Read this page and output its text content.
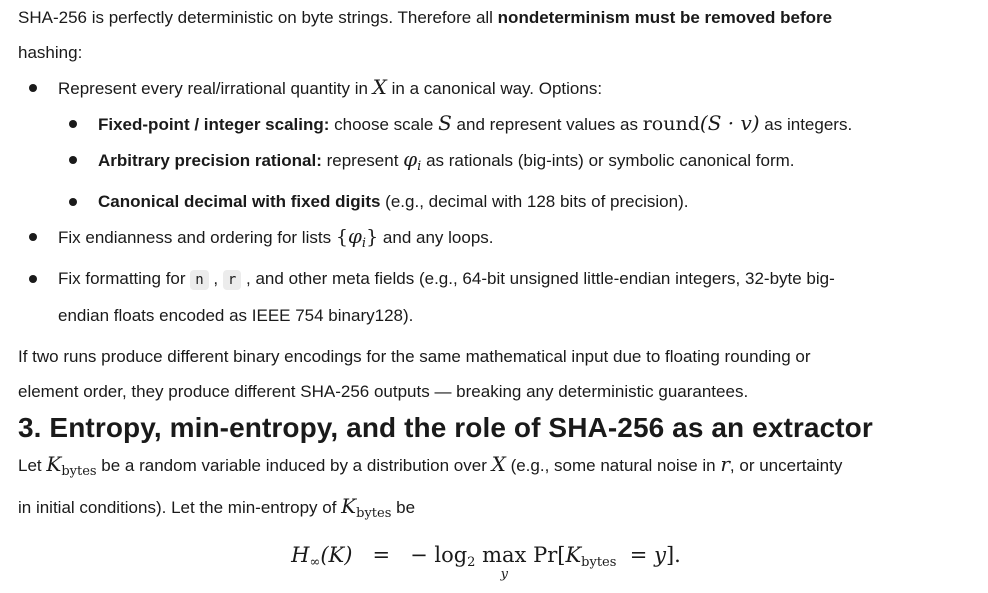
SHA-256 is perfectly deterministic on byte strings. Therefore all nondeterminism must be removed before
hashing:
Represent every real/irrational quantity in X in a canonical way. Options:
Fixed-point / integer scaling: choose scale S and represent values as round(S · v) as integers.
Arbitrary precision rational: represent $\varphi_i$ as rationals (big-ints) or symbolic canonical form.
Canonical decimal with fixed digits (e.g., decimal with 128 bits of precision).
Fix endianness and ordering for lists $\{\varphi_i\}$ and any loops.
Fix formatting for n , r , and other meta fields (e.g., 64-bit unsigned little-endian integers, 32-byte big-
endian floats encoded as IEEE 754 binary128).
If two runs produce different binary encodings for the same mathematical input due to floating rounding or
element order, they produce different SHA-256 outputs — breaking any deterministic guarantees.
3. Entropy, min-entropy, and the role of SHA-256 as an extractor
Let $K_{bytes}$ be a random variable induced by a distribution over X (e.g., some natural noise in r, or uncertainty
in initial conditions). Let the min-entropy of $K_{bytes}$ be
$H_\infty(K)$ = − $\log_2 \max$
y
$Pr[K_{bytes} = y]$.
